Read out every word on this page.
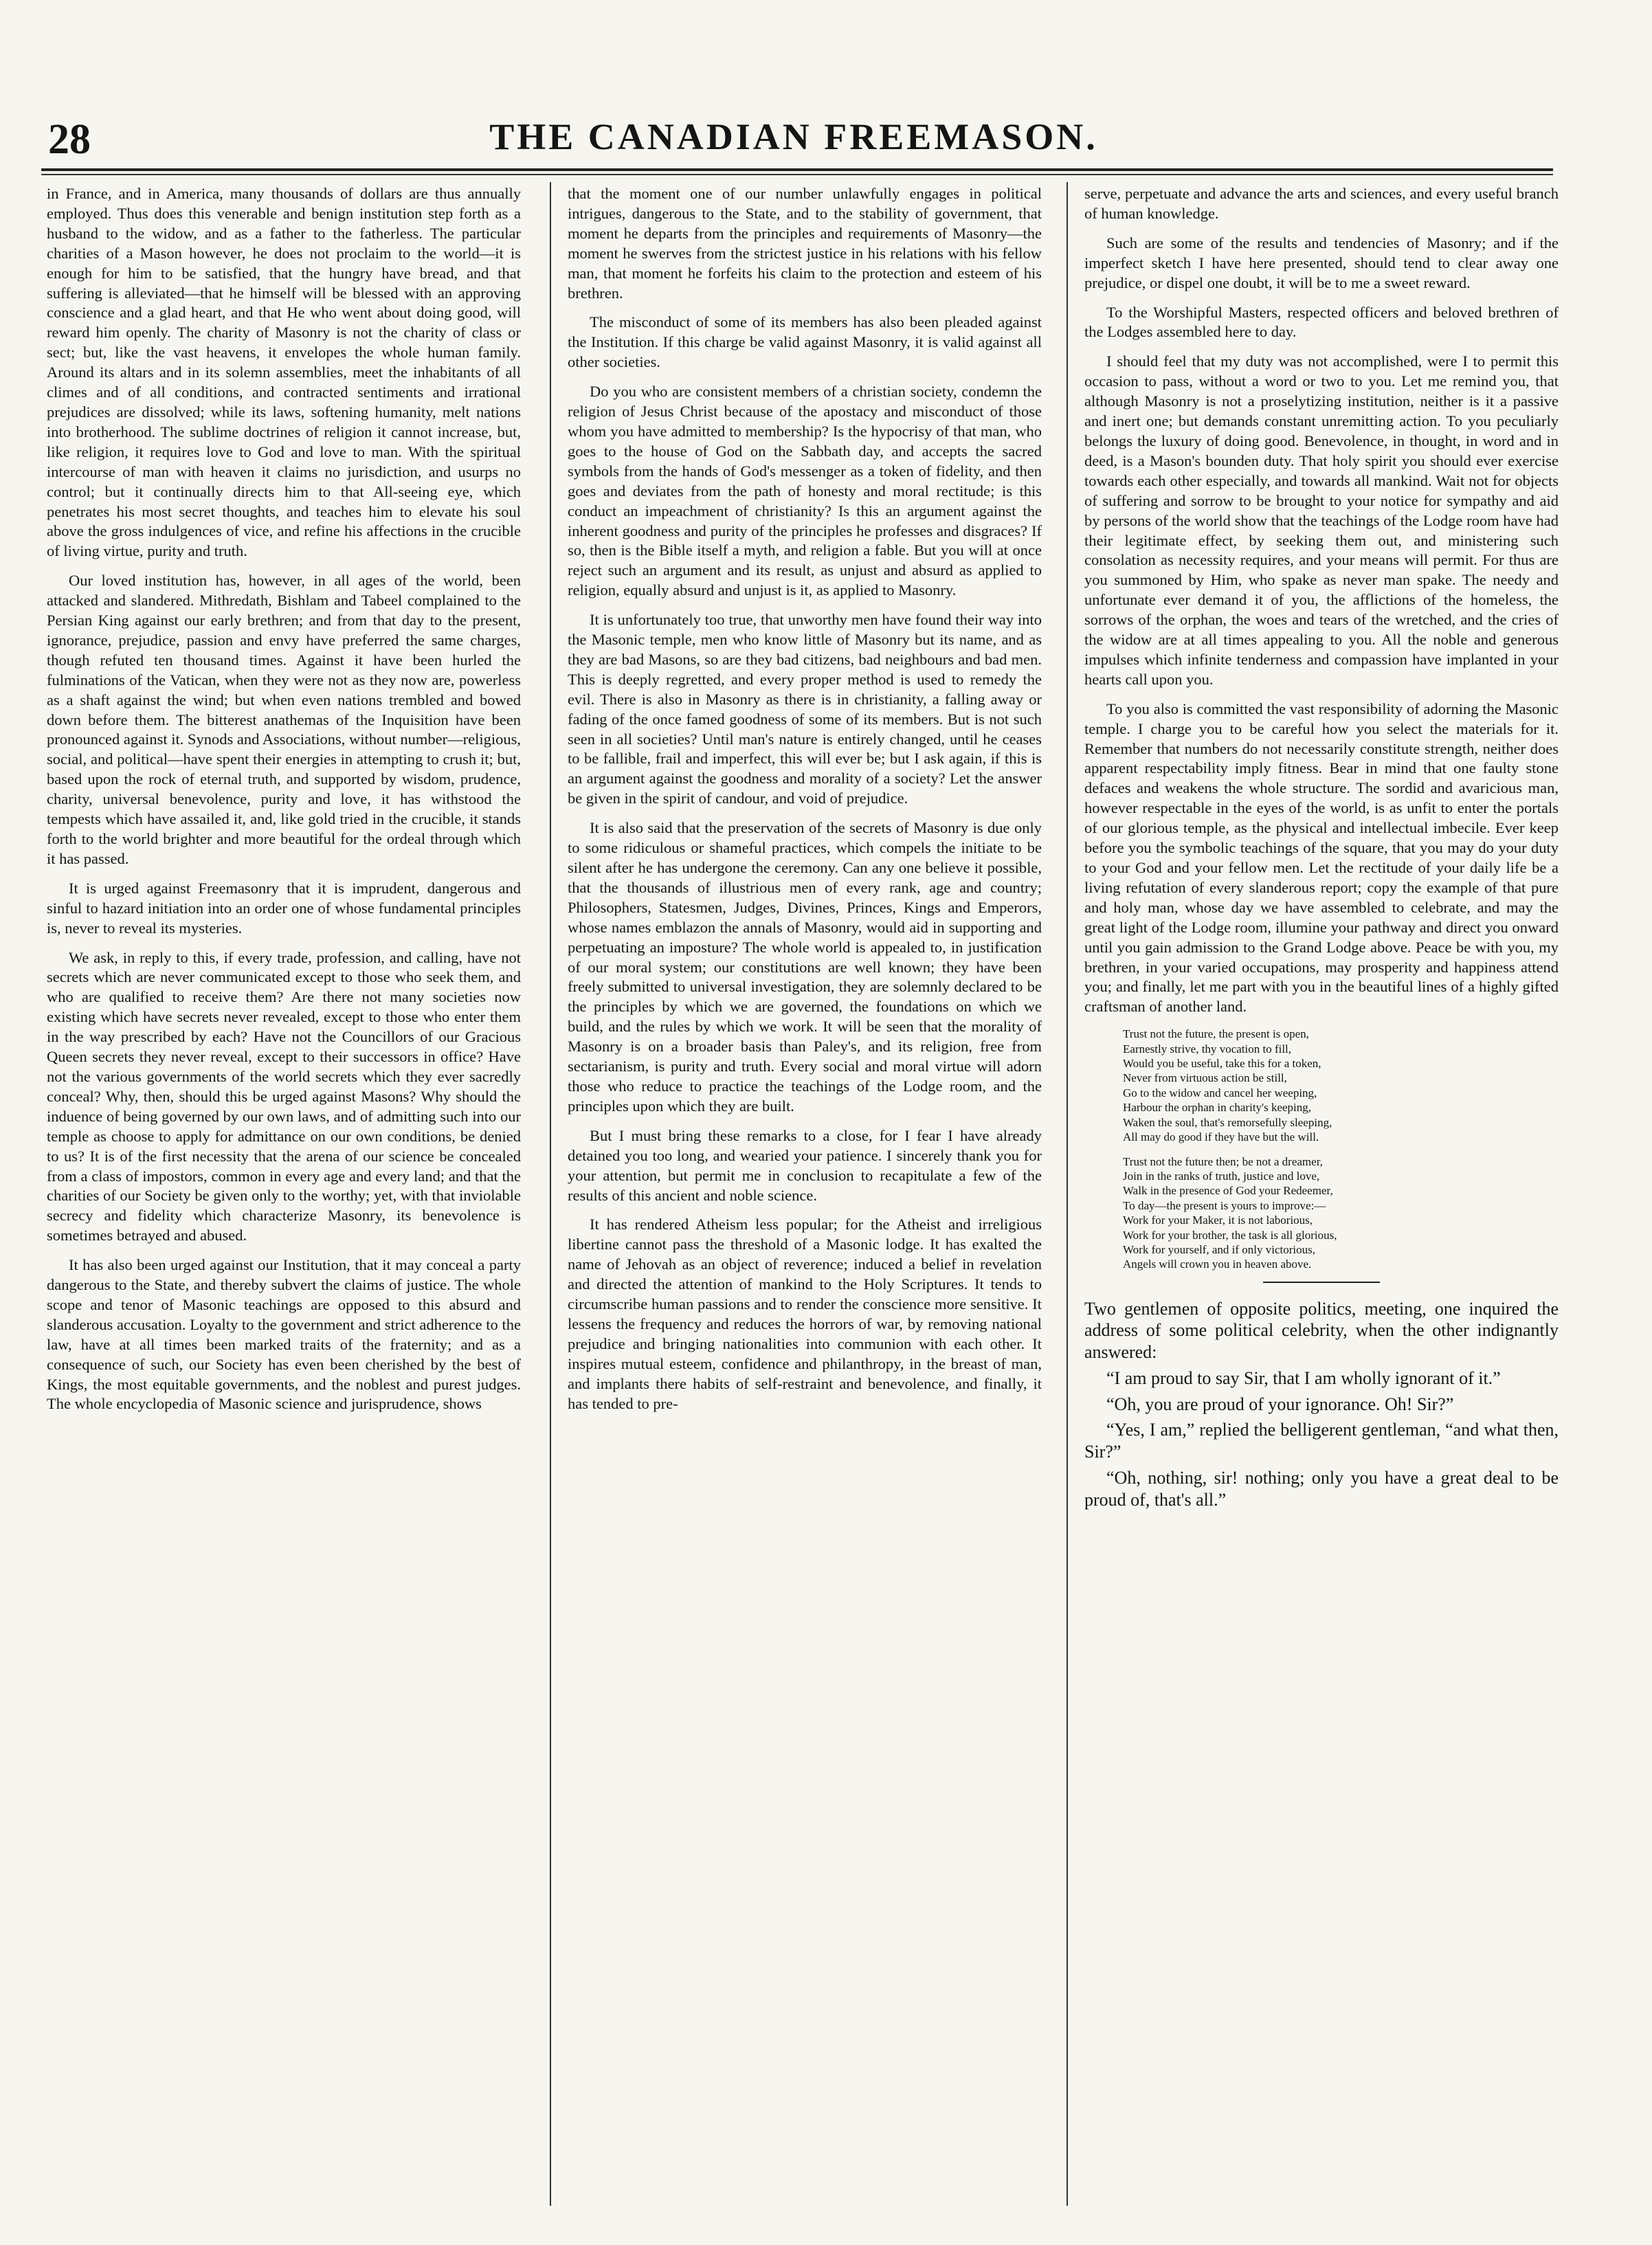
28	THE CANADIAN FREEMASON.

in France, and in America, many thousands of dollars are thus annually employed. Thus does this venerable and benign institution step forth as a husband to the widow, and as a father to the fatherless. The particular charities of a Mason however, he does not proclaim to the world—it is enough for him to be satisfied, that the hungry have bread, and that suffering is alleviated—that he himself will be blessed with an approving conscience and a glad heart, and that He who went about doing good, will reward him openly. The charity of Masonry is not the charity of class or sect; but, like the vast heavens, it envelopes the whole human family. Around its altars and in its solemn assemblies, meet the inhabitants of all climes and of all conditions, and contracted sentiments and irrational prejudices are dissolved; while its laws, softening humanity, melt nations into brotherhood. The sublime doctrines of religion it cannot increase, but, like religion, it requires love to God and love to man. With the spiritual intercourse of man with heaven it claims no jurisdiction, and usurps no control; but it continually directs him to that All-seeing eye, which penetrates his most secret thoughts, and teaches him to elevate his soul above the gross indulgences of vice, and refine his affections in the crucible of living virtue, purity and truth.

Our loved institution has, however, in all ages of the world, been attacked and slandered. Mithredath, Bishlam and Tabeel complained to the Persian King against our early brethren; and from that day to the present, ignorance, prejudice, passion and envy have preferred the same charges, though refuted ten thousand times. Against it have been hurled the fulminations of the Vatican, when they were not as they now are, powerless as a shaft against the wind; but when even nations trembled and bowed down before them. The bitterest anathemas of the Inquisition have been pronounced against it. Synods and Associations, without number—religious, social, and political—have spent their energies in attempting to crush it; but, based upon the rock of eternal truth, and supported by wisdom, prudence, charity, universal benevolence, purity and love, it has withstood the tempests which have assailed it, and, like gold tried in the crucible, it stands forth to the world brighter and more beautiful for the ordeal through which it has passed.

It is urged against Freemasonry that it is imprudent, dangerous and sinful to hazard initiation into an order one of whose fundamental principles is, never to reveal its mysteries.

We ask, in reply to this, if every trade, profession, and calling, have not secrets which are never communicated except to those who seek them, and who are qualified to receive them? Are there not many societies now existing which have secrets never revealed, except to those who enter them in the way prescribed by each? Have not the Councillors of our Gracious Queen secrets they never reveal, except to their successors in office? Have not the various governments of the world secrets which they ever sacredly conceal? Why, then, should this be urged against Masons? Why should the induence of being governed by our own laws, and of admitting such into our temple as choose to apply for admittance on our own conditions, be denied to us? It is of the first necessity that the arena of our science be concealed from a class of impostors, common in every age and every land; and that the charities of our Society be given only to the worthy; yet, with that inviolable secrecy and fidelity which characterize Masonry, its benevolence is sometimes betrayed and abused.

It has also been urged against our Institution, that it may conceal a party dangerous to the State, and thereby subvert the claims of justice. The whole scope and tenor of Masonic teachings are opposed to this absurd and slanderous accusation. Loyalty to the government and strict adherence to the law, have at all times been marked traits of the fraternity; and as a consequence of such, our Society has even been cherished by the best of Kings, the most equitable governments, and the noblest and purest judges. The whole encyclopedia of Masonic science and jurisprudence, shows

that the moment one of our number unlawfully engages in political intrigues, dangerous to the State, and to the stability of government, that moment he departs from the principles and requirements of Masonry—the moment he swerves from the strictest justice in his relations with his fellow man, that moment he forfeits his claim to the protection and esteem of his brethren.

The misconduct of some of its members has also been pleaded against the Institution. If this charge be valid against Masonry, it is valid against all other societies.

Do you who are consistent members of a christian society, condemn the religion of Jesus Christ because of the apostacy and misconduct of those whom you have admitted to membership? Is the hypocrisy of that man, who goes to the house of God on the Sabbath day, and accepts the sacred symbols from the hands of God's messenger as a token of fidelity, and then goes and deviates from the path of honesty and moral rectitude; is this conduct an impeachment of christianity? Is this an argument against the inherent goodness and purity of the principles he professes and disgraces? If so, then is the Bible itself a myth, and religion a fable. But you will at once reject such an argument and its result, as unjust and absurd as applied to religion, equally absurd and unjust is it, as applied to Masonry.

It is unfortunately too true, that unworthy men have found their way into the Masonic temple, men who know little of Masonry but its name, and as they are bad Masons, so are they bad citizens, bad neighbours and bad men. This is deeply regretted, and every proper method is used to remedy the evil. There is also in Masonry as there is in christianity, a falling away or fading of the once famed goodness of some of its members. But is not such seen in all societies? Until man's nature is entirely changed, until he ceases to be fallible, frail and imperfect, this will ever be; but I ask again, if this is an argument against the goodness and morality of a society? Let the answer be given in the spirit of candour, and void of prejudice.

It is also said that the preservation of the secrets of Masonry is due only to some ridiculous or shameful practices, which compels the initiate to be silent after he has undergone the ceremony. Can any one believe it possible, that the thousands of illustrious men of every rank, age and country; Philosophers, Statesmen, Judges, Divines, Princes, Kings and Emperors, whose names emblazon the annals of Masonry, would aid in supporting and perpetuating an imposture? The whole world is appealed to, in justification of our moral system; our constitutions are well known; they have been freely submitted to universal investigation, they are solemnly declared to be the principles by which we are governed, the foundations on which we build, and the rules by which we work. It will be seen that the morality of Masonry is on a broader basis than Paley's, and its religion, free from sectarianism, is purity and truth. Every social and moral virtue will adorn those who reduce to practice the teachings of the Lodge room, and the principles upon which they are built.

But I must bring these remarks to a close, for I fear I have already detained you too long, and wearied your patience. I sincerely thank you for your attention, but permit me in conclusion to recapitulate a few of the results of this ancient and noble science.

It has rendered Atheism less popular; for the Atheist and irreligious libertine cannot pass the threshold of a Masonic lodge. It has exalted the name of Jehovah as an object of reverence; induced a belief in revelation and directed the attention of mankind to the Holy Scriptures. It tends to circumscribe human passions and to render the conscience more sensitive. It lessens the frequency and reduces the horrors of war, by removing national prejudice and bringing nationalities into communion with each other. It inspires mutual esteem, confidence and philanthropy, in the breast of man, and implants there habits of self-restraint and benevolence, and finally, it has tended to pre-

serve, perpetuate and advance the arts and sciences, and every useful branch of human knowledge.

Such are some of the results and tendencies of Masonry; and if the imperfect sketch I have here presented, should tend to clear away one prejudice, or dispel one doubt, it will be to me a sweet reward.

To the Worshipful Masters, respected officers and beloved brethren of the Lodges assembled here to day.

I should feel that my duty was not accomplished, were I to permit this occasion to pass, without a word or two to you. Let me remind you, that although Masonry is not a proselytizing institution, neither is it a passive and inert one; but demands constant unremitting action. To you peculiarly belongs the luxury of doing good. Benevolence, in thought, in word and in deed, is a Mason's bounden duty. That holy spirit you should ever exercise towards each other especially, and towards all mankind. Wait not for objects of suffering and sorrow to be brought to your notice for sympathy and aid by persons of the world show that the teachings of the Lodge room have had their legitimate effect, by seeking them out, and ministering such consolation as necessity requires, and your means will permit. For thus are you summoned by Him, who spake as never man spake. The needy and unfortunate ever demand it of you, the afflictions of the homeless, the sorrows of the orphan, the woes and tears of the wretched, and the cries of the widow are at all times appealing to you. All the noble and generous impulses which infinite tenderness and compassion have implanted in your hearts call upon you.

To you also is committed the vast responsibility of adorning the Masonic temple. I charge you to be careful how you select the materials for it. Remember that numbers do not necessarily constitute strength, neither does apparent respectability imply fitness. Bear in mind that one faulty stone defaces and weakens the whole structure. The sordid and avaricious man, however respectable in the eyes of the world, is as unfit to enter the portals of our glorious temple, as the physical and intellectual imbecile. Ever keep before you the symbolic teachings of the square, that you may do your duty to your God and your fellow men. Let the rectitude of your daily life be a living refutation of every slanderous report; copy the example of that pure and holy man, whose day we have assembled to celebrate, and may the great light of the Lodge room, illumine your pathway and direct you onward until you gain admission to the Grand Lodge above. Peace be with you, my brethren, in your varied occupations, may prosperity and happiness attend you; and finally, let me part with you in the beautiful lines of a highly gifted craftsman of another land.

Trust not the future, the present is open,
Earnestly strive, thy vocation to fill,
Would you be useful, take this for a token,
Never from virtuous action be still,
Go to the widow and cancel her weeping,
Harbour the orphan in charity's keeping,
Waken the soul, that's remorsefully sleeping,
All may do good if they have but the will.
Trust not the future then; be not a dreamer,
Join in the ranks of truth, justice and love,
Walk in the presence of God your Redeemer,
To day—the present is yours to improve:—
Work for your Maker, it is not laborious,
Work for your brother, the task is all glorious,
Work for yourself, and if only victorious,
Angels will crown you in heaven above.

Two gentlemen of opposite politics, meeting, one inquired the address of some political celebrity, when the other indignantly answered:

“I am proud to say Sir, that I am wholly ignorant of it.”

“Oh, you are proud of your ignorance. Oh! Sir?”

“Yes, I am,” replied the belligerent gentleman, “and what then, Sir?”

“Oh, nothing, sir! nothing; only you have a great deal to be proud of, that's all.”
